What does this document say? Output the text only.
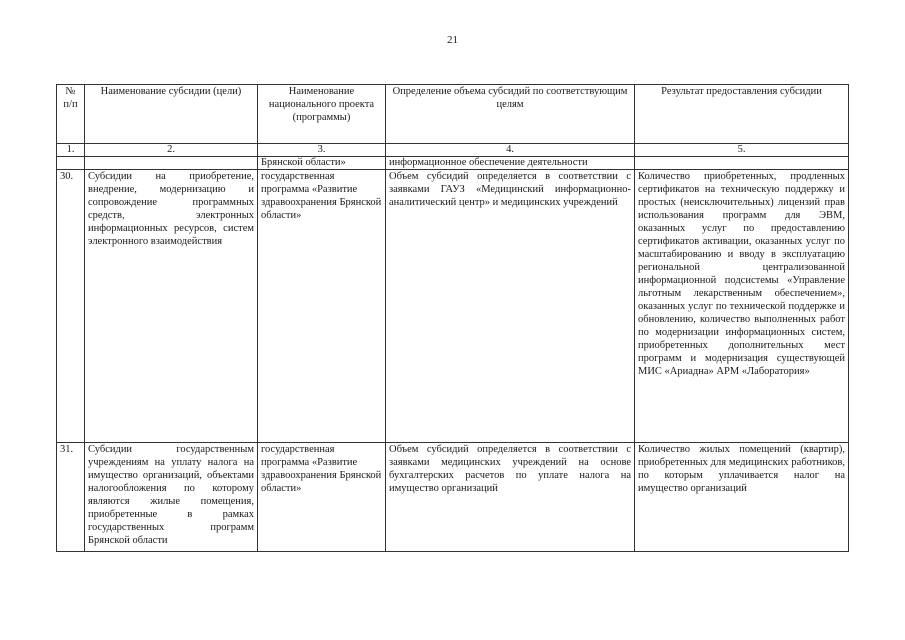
21
№ п/п	Наименование субсидии (цели)	Наименование национального проекта (программы)	Определение объема субсидий по соответствующим целям	Результат предоставления субсидии
1.	2.	3.	4.	5.
		Брянской области»	информационное обеспечение деятельности	
30.	Субсидии на приобретение, внедрение, модернизацию и сопровождение программных средств, электронных информационных ресурсов, систем электронного взаимодействия	государственная программа «Развитие здравоохранения Брянской области»	Объем субсидий определяется в соответствии с заявками ГАУЗ «Медицинский информационно-аналитический центр» и медицинских учреждений	Количество приобретенных, продленных сертификатов на техническую поддержку и простых (неисключительных) лицензий прав использования программ для ЭВМ, оказанных услуг по предоставлению сертификатов активации, оказанных услуг по масштабированию и вводу в эксплуатацию региональной централизованной информационной подсистемы «Управление льготным лекарственным обеспечением», оказанных услуг по технической поддержке и обновлению, количество выполненных работ по модернизации информационных систем, приобретенных дополнительных мест программ и модернизация существующей МИС «Ариадна» АРМ «Лаборатория»
31.	Субсидии государственным учреждениям на уплату налога на имущество организаций, объектами налогообложения по которому являются жилые помещения, приобретенные в рамках государственных программ Брянской области	государственная программа «Развитие здравоохранения Брянской области»	Объем субсидий определяется в соответствии с заявками медицинских учреждений на основе бухгалтерских расчетов по уплате налога на имущество организаций	Количество жилых помещений (квартир), приобретенных для медицинских работников, по которым уплачивается налог на имущество организаций
